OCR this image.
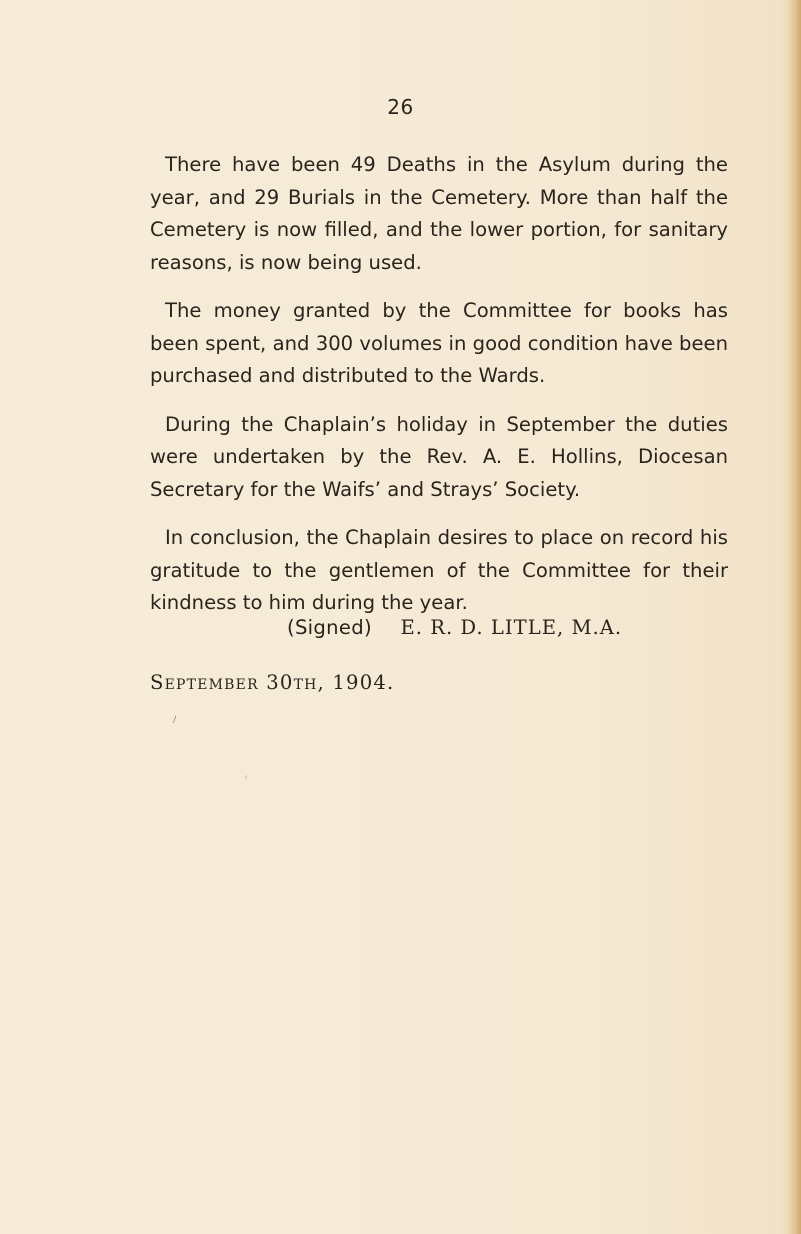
26

There have been 49 Deaths in the Asylum during the year, and 29 Burials in the Cemetery. More than half the Cemetery is now filled, and the lower portion, for sanitary reasons, is now being used.

The money granted by the Committee for books has been spent, and 300 volumes in good condition have been purchased and distributed to the Wards.

During the Chaplain’s holiday in September the duties were undertaken by the Rev. A. E. Hollins, Diocesan Secretary for the Waifs’ and Strays’ Society.

In conclusion, the Chaplain desires to place on record his gratitude to the gentlemen of the Committee for their kindness to him during the year.

(Signed) E. R. D. LITLE, M.A.
September 30th, 1904.
/
‹
